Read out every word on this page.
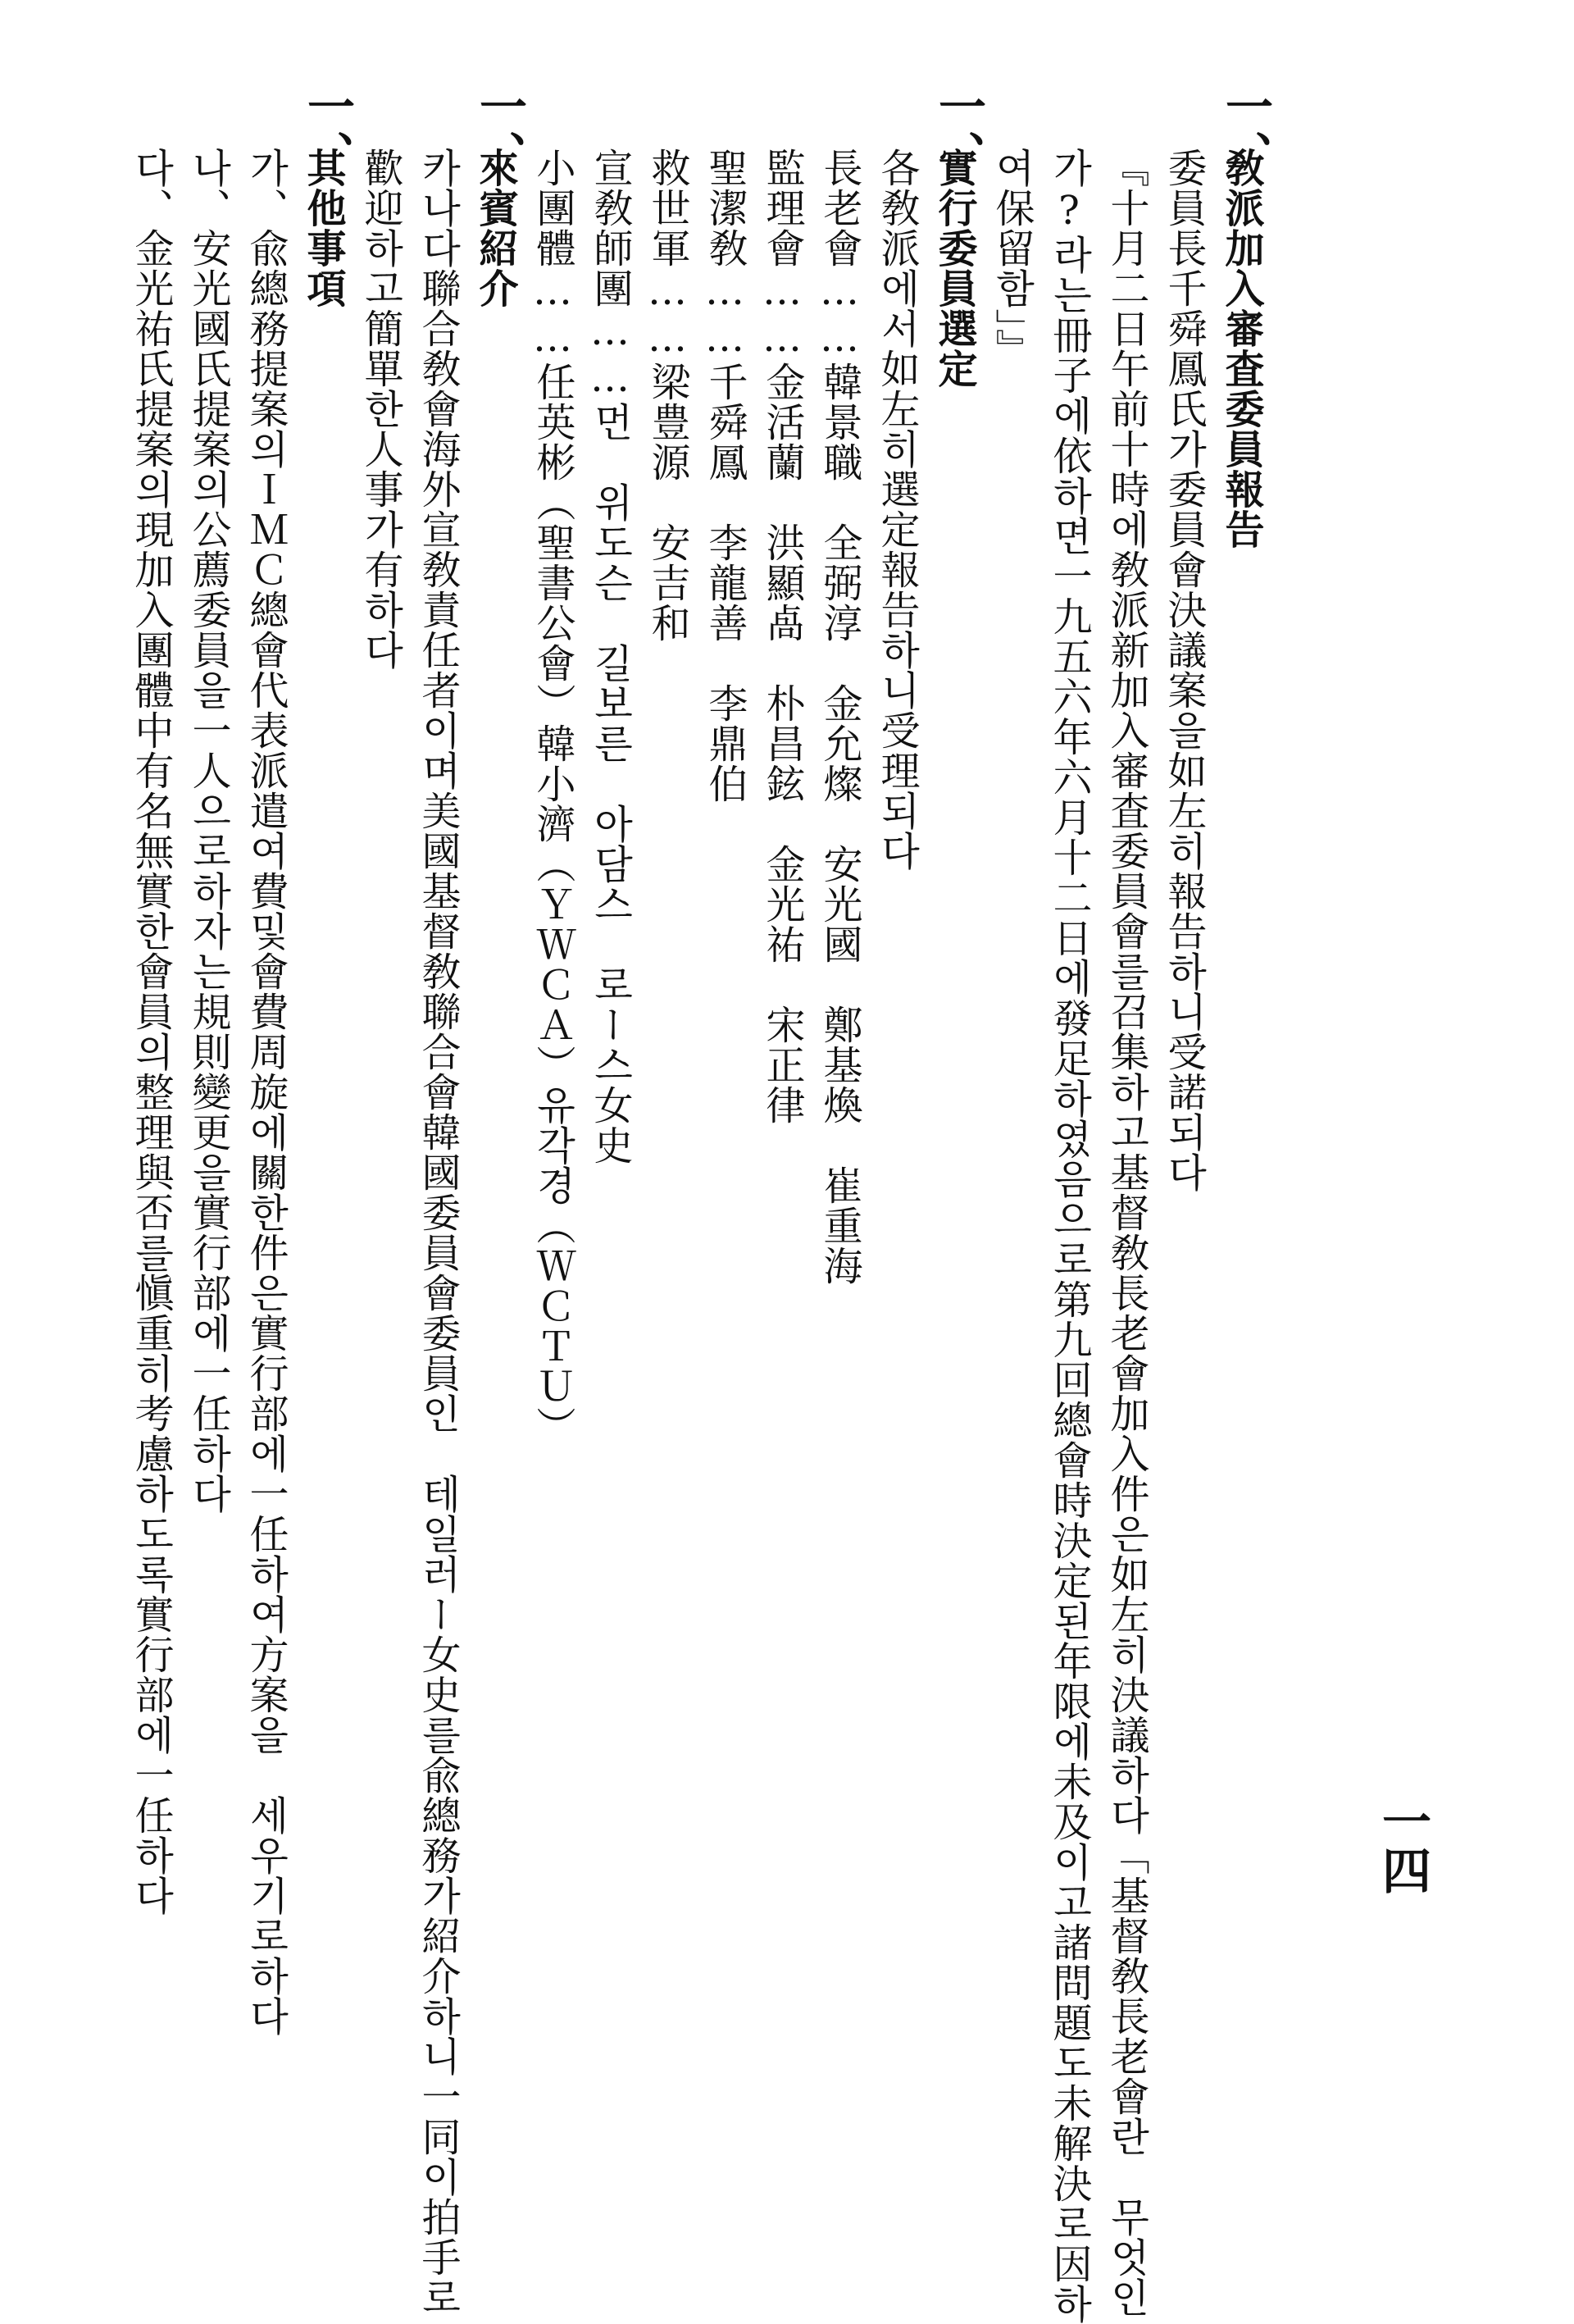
一、
敎派加入審査委員報告
委員長千舜鳳氏가委員會決議案을如左히報告하니受諾되다
『十月二日午前十時에敎派新加入審査委員會를召集하고基督敎長老會加入件은如左히決議하다「基督敎長老會란　무엇인
가?라는冊子에依하면一九五六年六月十二日에發足하였음으로第九回總會時決定된年限에未及이고諸問題도未解決로因하
여保留함」』
一、
實行委員選定
各敎派에서如左히選定報告하니受理되다
長老會……韓景職　全弼淳　金允燦　安光國　鄭基煥　崔重海
監理會……金活蘭　洪顯卨　朴昌鉉　金光祐　宋正律
聖潔敎……千舜鳳　李龍善　李鼎伯
救世軍……梁豊源　安吉和
宣敎師團……먼　위도슨　길보른　아담스　로ー스女史
小團體……任英彬（聖書公會）韓小濟（ＹＷＣＡ）유각경（ＷＣＴＵ）
一、
來賓紹介
카나다聯合敎會海外宣敎責任者이며美國基督敎聯合會韓國委員會委員인　테일러ー女史를兪總務가紹介하니一同이拍手로
歡迎하고簡單한人事가有하다
一、
其他事項
가、兪總務提案의ＩＭＣ總會代表派遣여費및會費周旋에關한件은實行部에一任하여方案을　세우기로하다
나、安光國氏提案의公薦委員을一人으로하자는規則變更을實行部에一任하다
다、金光祐氏提案의現加入團體中有名無實한會員의整理與否를愼重히考慮하도록實行部에一任하다	一四
